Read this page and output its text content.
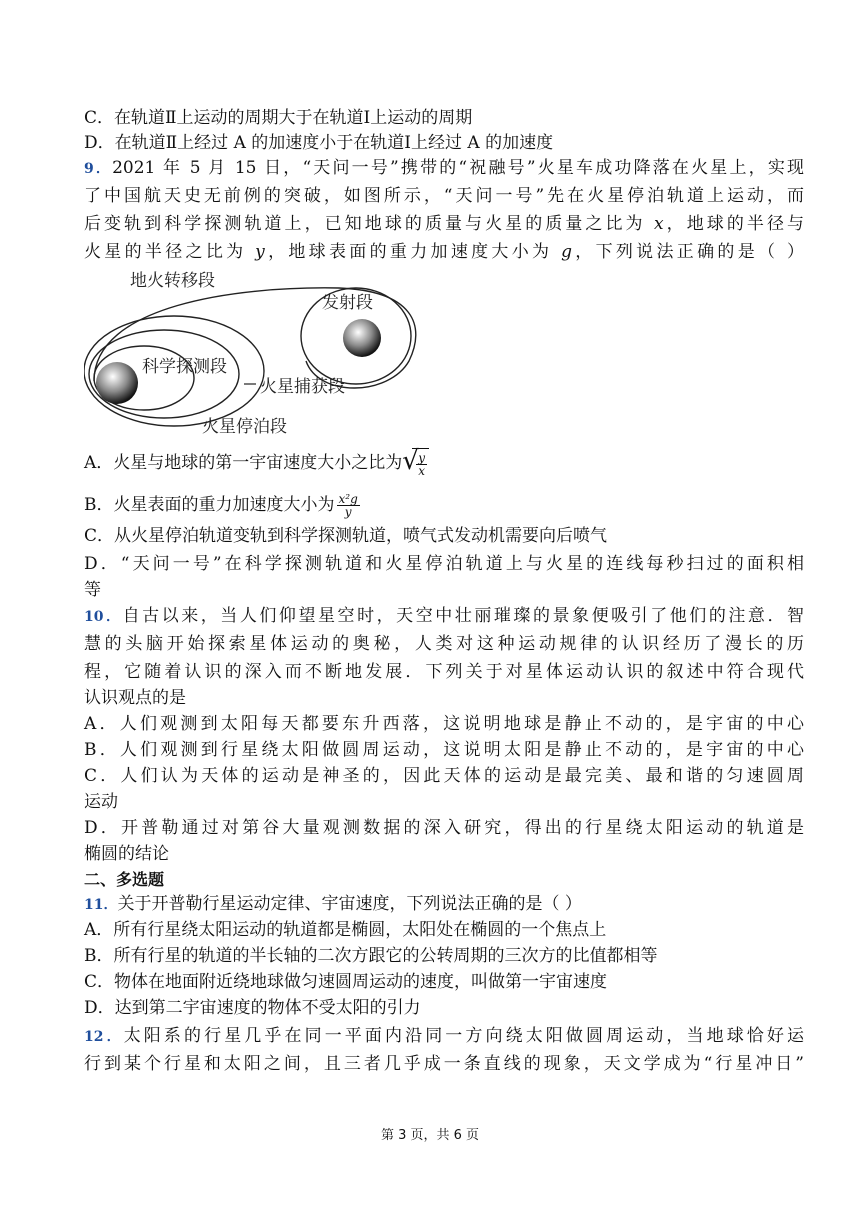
C．在轨道Ⅱ上运动的周期大于在轨道Ⅰ上运动的周期
D．在轨道Ⅱ上经过 A 的加速度小于在轨道Ⅰ上经过 A 的加速度
9．2021 年 5 月 15 日，“天问一号”携带的“祝融号”火星车成功降落在火星上，实现
了中国航天史无前例的突破，如图所示，“天问一号”先在火星停泊轨道上运动，而
后变轨到科学探测轨道上，已知地球的质量与火星的质量之比为 x，地球的半径与
火星的半径之比为 y，地球表面的重力加速度大小为 g，下列说法正确的是（ ）
地火转移段
发射段
科学探测段
火星捕获段
火星停泊段
A．火星与地球的第一宇宙速度大小之比为 √
$\frac{y}{x}$
B．火星表面的重力加速度大小为 $\frac{\text{x²g}}{y}$
C．从火星停泊轨道变轨到科学探测轨道，喷气式发动机需要向后喷气
D．“天问一号”在科学探测轨道和火星停泊轨道上与火星的连线每秒扫过的面积相
等
10．自古以来，当人们仰望星空时，天空中壮丽璀璨的景象便吸引了他们的注意．智
慧的头脑开始探索星体运动的奥秘，人类对这种运动规律的认识经历了漫长的历
程，它随着认识的深入而不断地发展．下列关于对星体运动认识的叙述中符合现代
认识观点的是
A．人们观测到太阳每天都要东升西落，这说明地球是静止不动的，是宇宙的中心
B．人们观测到行星绕太阳做圆周运动，这说明太阳是静止不动的，是宇宙的中心
C．人们认为天体的运动是神圣的，因此天体的运动是最完美、最和谐的匀速圆周
运动
D．开普勒通过对第谷大量观测数据的深入研究，得出的行星绕太阳运动的轨道是
椭圆的结论
二、多选题
11．关于开普勒行星运动定律、宇宙速度，下列说法正确的是（ ）
A．所有行星绕太阳运动的轨道都是椭圆，太阳处在椭圆的一个焦点上
B．所有行星的轨道的半长轴的二次方跟它的公转周期的三次方的比值都相等
C．物体在地面附近绕地球做匀速圆周运动的速度，叫做第一宇宙速度
D．达到第二宇宙速度的物体不受太阳的引力
12．太阳系的行星几乎在同一平面内沿同一方向绕太阳做圆周运动，当地球恰好运
行到某个行星和太阳之间，且三者几乎成一条直线的现象，天文学成为“行星冲日”
第 3 页，共 6 页
